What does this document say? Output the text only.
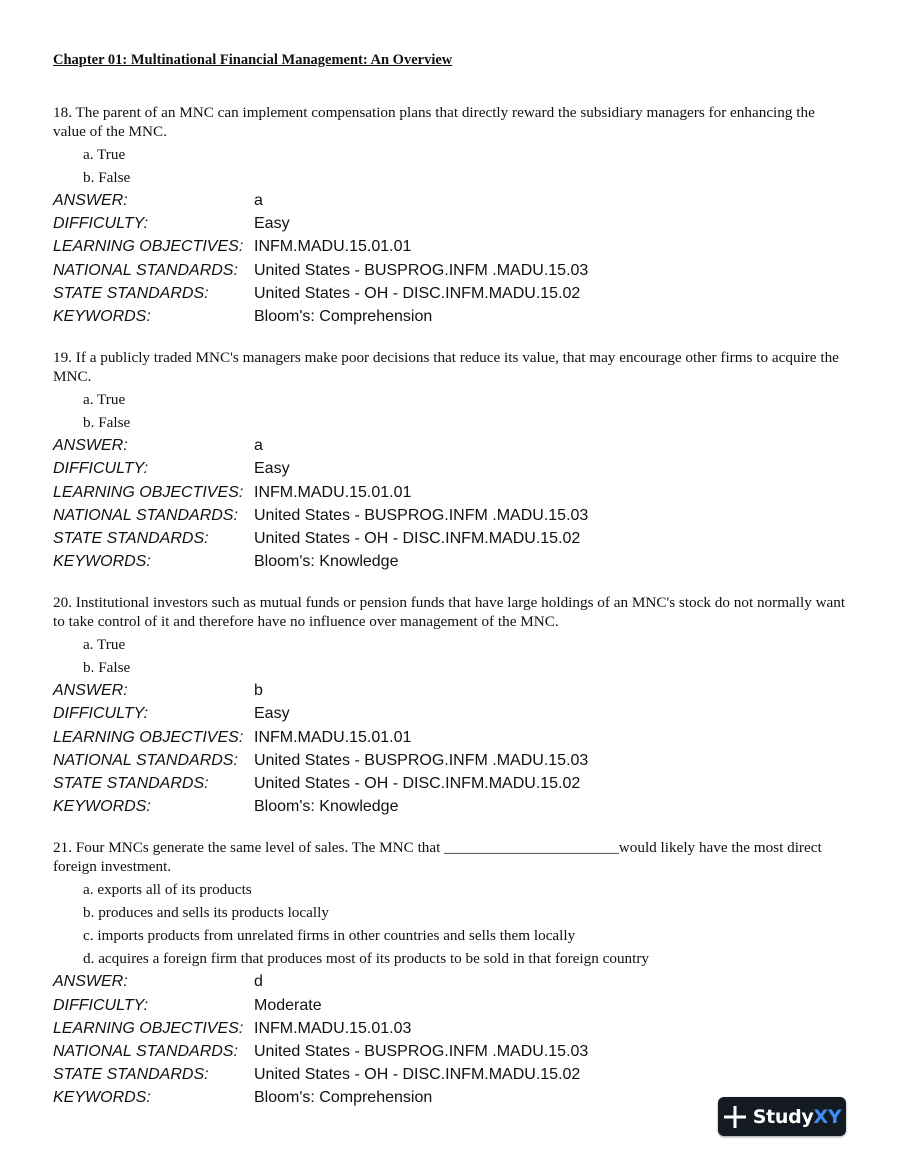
Chapter 01: Multinational Financial Management: An Overview

18. The parent of an MNC can implement compensation plans that directly reward the subsidiary managers for enhancing the value of the MNC.

a. True
b. False
ANSWER:	a
DIFFICULTY:	Easy
LEARNING OBJECTIVES: INFM.MADU.15.01.01
NATIONAL STANDARDS:	United States - BUSPROG.INFM .MADU.15.03
STATE STANDARDS:	United States - OH - DISC.INFM.MADU.15.02
KEYWORDS:	Bloom's: Comprehension

19. If a publicly traded MNC's managers make poor decisions that reduce its value, that may encourage other firms to acquire the MNC.

a. True
b. False
ANSWER:	a
DIFFICULTY:	Easy
LEARNING OBJECTIVES: INFM.MADU.15.01.01
NATIONAL STANDARDS:	United States - BUSPROG.INFM .MADU.15.03
STATE STANDARDS:	United States - OH - DISC.INFM.MADU.15.02
KEYWORDS:	Bloom's: Knowledge

20. Institutional investors such as mutual funds or pension funds that have large holdings of an MNC's stock do not normally want to take control of it and therefore have no influence over management of the MNC.

a. True
b. False
ANSWER:	b
DIFFICULTY:	Easy
LEARNING OBJECTIVES: INFM.MADU.15.01.01
NATIONAL STANDARDS:	United States - BUSPROG.INFM .MADU.15.03
STATE STANDARDS:	United States - OH - DISC.INFM.MADU.15.02
KEYWORDS:	Bloom's: Knowledge

21. Four MNCs generate the same level of sales. The MNC that _______________________would likely have the most direct foreign investment.

a. exports all of its products
b. produces and sells its products locally
c. imports products from unrelated firms in other countries and sells them locally
d. acquires a foreign firm that produces most of its products to be sold in that foreign country
ANSWER:	d
DIFFICULTY:	Moderate
LEARNING OBJECTIVES: INFM.MADU.15.01.03
NATIONAL STANDARDS:	United States - BUSPROG.INFM .MADU.15.03
STATE STANDARDS:	United States - OH - DISC.INFM.MADU.15.02
KEYWORDS:	Bloom's: Comprehension
StudyXY
